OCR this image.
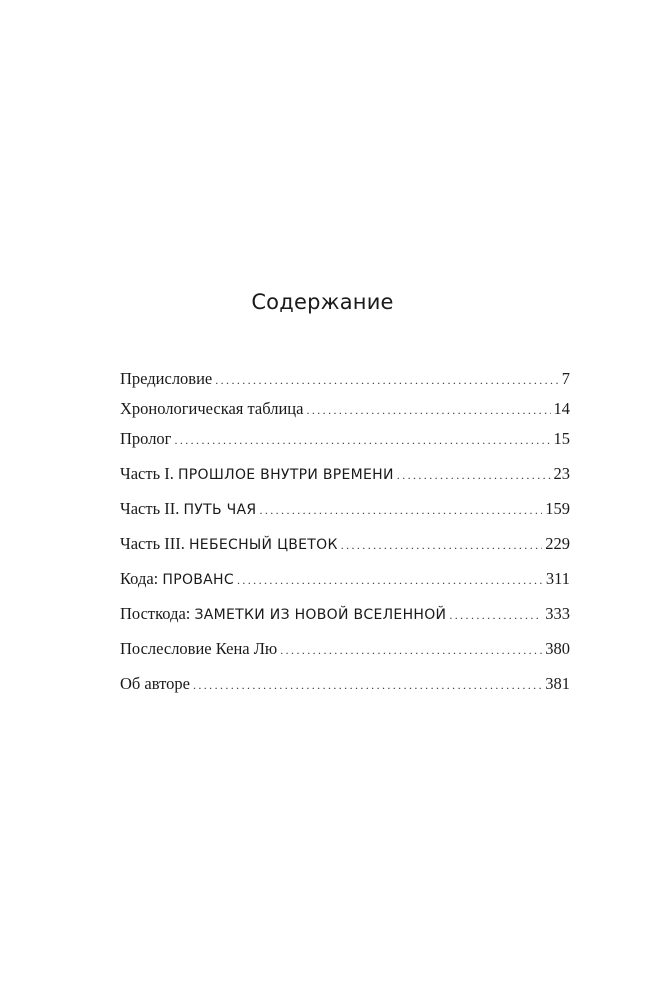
Содержание
Предисловие .....	7
Хронологическая таблица .....	14
Пролог .....	15
Часть I. ПРОШЛОЕ ВНУТРИ ВРЕМЕНИ .....	23
Часть II. ПУТЬ ЧАЯ .....	159
Часть III. НЕБЕСНЫЙ ЦВЕТОК .....	229
Кода: ПРОВАНС .....	311
Посткода: ЗАМЕТКИ ИЗ НОВОЙ ВСЕЛЕННОЙ .....	333
Послесловие Кена Лю .....	380
Об авторе .....	381
